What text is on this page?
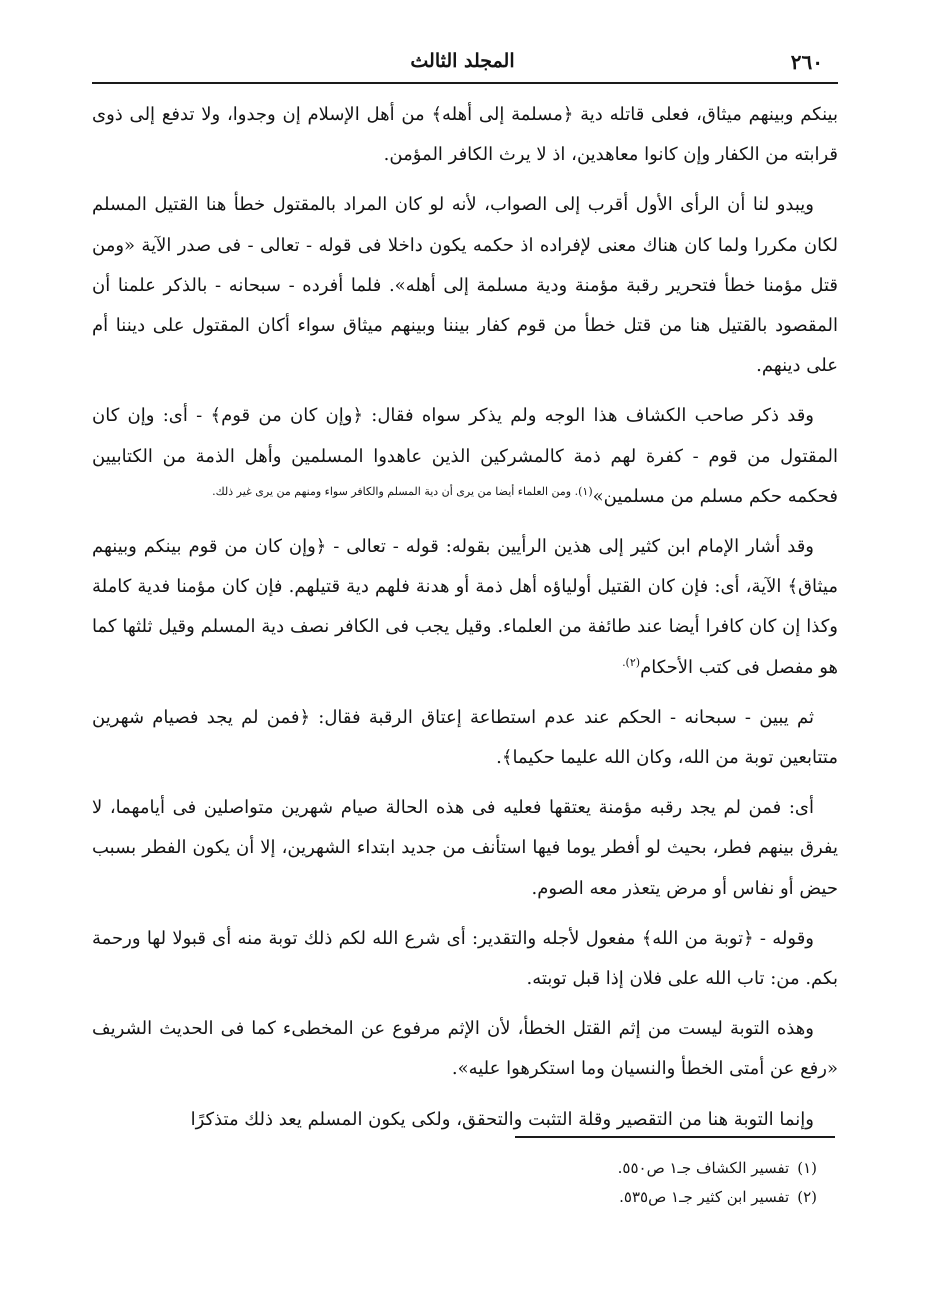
٢٦٠
المجلد الثالث

بينكم وبينهم ميثاق، فعلى قاتله دية ﴿مسلمة إلى أهله﴾ من أهل الإسلام إن وجدوا، ولا تدفع إلى ذوى قرابته من الكفار وإن كانوا معاهدين، اذ لا يرث الكافر المؤمن.

ويبدو لنا أن الرأى الأول أقرب إلى الصواب، لأنه لو كان المراد بالمقتول خطأ هنا القتيل المسلم لكان مكررا ولما كان هناك معنى لإفراده اذ حكمه يكون داخلا فى قوله - تعالى - فى صدر الآية «ومن قتل مؤمنا خطأ فتحرير رقبة مؤمنة ودية مسلمة إلى أهله». فلما أفرده - سبحانه - بالذكر علمنا أن المقصود بالقتيل هنا من قتل خطأ من قوم كفار بيننا وبينهم ميثاق سواء أكان المقتول على ديننا أم على دينهم.

وقد ذكر صاحب الكشاف هذا الوجه ولم يذكر سواه فقال: ﴿وإن كان من قوم﴾ - أى: وإن كان المقتول من قوم - كفرة لهم ذمة كالمشركين الذين عاهدوا المسلمين وأهل الذمة من الكتابيين فحكمه حكم مسلم من مسلمين»$^{(١). ومن العلماء أيضا من يرى أن دية المسلم والكافر سواء ومنهم من يرى غير ذلك.}$

وقد أشار الإمام ابن كثير إلى هذين الرأيين بقوله: قوله - تعالى - ﴿وإن كان من قوم بينكم وبينهم ميثاق﴾ الآية، أى: فإن كان القتيل أولياؤه أهل ذمة أو هدنة فلهم دية قتيلهم. فإن كان مؤمنا فدية كاملة وكذا إن كان كافرا أيضا عند طائفة من العلماء. وقيل يجب فى الكافر نصف دية المسلم وقيل ثلثها كما هو مفصل فى كتب الأحكام$^{(٢).}$

ثم يبين - سبحانه - الحكم عند عدم استطاعة إعتاق الرقبة فقال: ﴿فمن لم يجد فصيام شهرين متتابعين توبة من الله، وكان الله عليما حكيما﴾.

أى: فمن لم يجد رقبه مؤمنة يعتقها فعليه فى هذه الحالة صيام شهرين متواصلين فى أيامهما، لا يفرق بينهم فطر، بحيث لو أفطر يوما فيها استأنف من جديد ابتداء الشهرين، إلا أن يكون الفطر بسبب حيض أو نفاس أو مرض يتعذر معه الصوم.

وقوله - ﴿توبة من الله﴾ مفعول لأجله والتقدير: أى شرع الله لكم ذلك توبة منه أى قبولا لها ورحمة بكم. من: تاب الله على فلان إذا قبل توبته.

وهذه التوبة ليست من إثم القتل الخطأ، لأن الإثم مرفوع عن المخطىء كما فى الحديث الشريف «رفع عن أمتى الخطأ والنسيان وما استكرهوا عليه».

وإنما التوبة هنا من التقصير وقلة التثبت والتحقق، ولكى يكون المسلم يعد ذلك متذكرًا

(١)
تفسير الكشاف جـ١ ص٥٥٠.
(٢)
تفسير ابن كثير جـ١ ص٥٣٥.
